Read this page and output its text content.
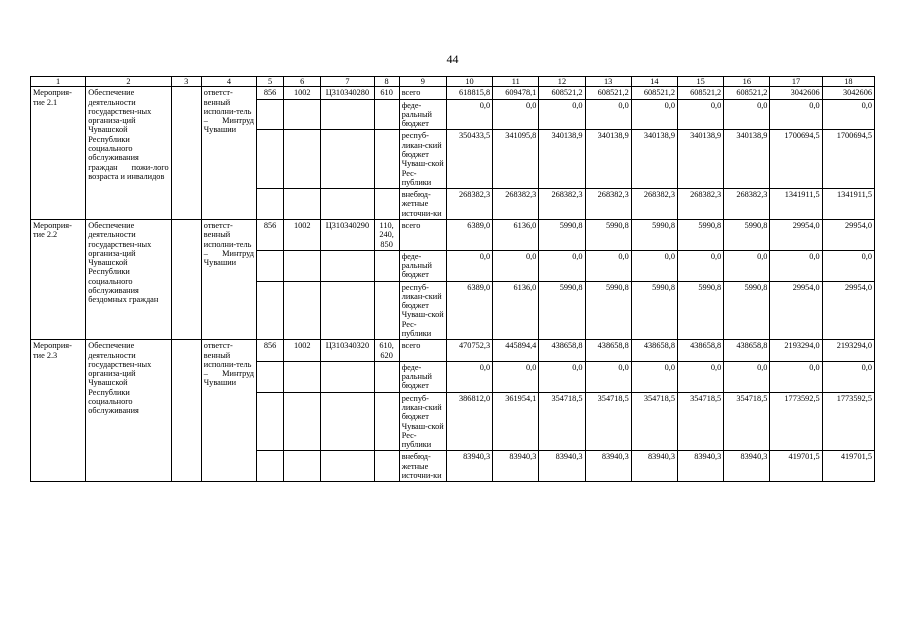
44
1	2	3	4	5	6	7	8	9	10	11	12	13	14	15	16	17	18
Мероприя-тие 2.1	Обеспечение деятельности государствен-ных организа-ций Чувашской Республики социального обслуживания граждан пожи-лого возраста и инвалидов		ответст-венный исполни-тель – Минтруд Чувашии	856	1002	Ц310340280	610	всего	618815,8	609478,1	608521,2	608521,2	608521,2	608521,2	608521,2	3042606	3042606
								феде-ральный бюджет	0,0	0,0	0,0	0,0	0,0	0,0	0,0	0,0	0,0
								респуб-ликан-ский бюджет Чуваш-ской Рес-публики	350433,5	341095,8	340138,9	340138,9	340138,9	340138,9	340138,9	1700694,5	1700694,5
								внебюд-жетные источни-ки	268382,3	268382,3	268382,3	268382,3	268382,3	268382,3	268382,3	1341911,5	1341911,5
Мероприя-тие 2.2	Обеспечение деятельности государствен-ных организа-ций Чувашской Республики социального обслуживания бездомных граждан		ответст-венный исполни-тель – Минтруд Чувашии	856	1002	Ц310340290	110, 240, 850	всего	6389,0	6136,0	5990,8	5990,8	5990,8	5990,8	5990,8	29954,0	29954,0
								феде-ральный бюджет	0,0	0,0	0,0	0,0	0,0	0,0	0,0	0,0	0,0
								респуб-ликан-ский бюджет Чуваш-ской Рес-публики	6389,0	6136,0	5990,8	5990,8	5990,8	5990,8	5990,8	29954,0	29954,0
Мероприя-тие 2.3	Обеспечение деятельности государствен-ных организа-ций Чувашской Республики социального обслуживания		ответст-венный исполни-тель – Минтруд Чувашии	856	1002	Ц310340320	610, 620	всего	470752,3	445894,4	438658,8	438658,8	438658,8	438658,8	438658,8	2193294,0	2193294,0
								феде-ральный бюджет	0,0	0,0	0,0	0,0	0,0	0,0	0,0	0,0	0,0
								респуб-ликан-ский бюджет Чуваш-ской Рес-публики	386812,0	361954,1	354718,5	354718,5	354718,5	354718,5	354718,5	1773592,5	1773592,5
								внебюд-жетные источни-ки	83940,3	83940,3	83940,3	83940,3	83940,3	83940,3	83940,3	419701,5	419701,5
